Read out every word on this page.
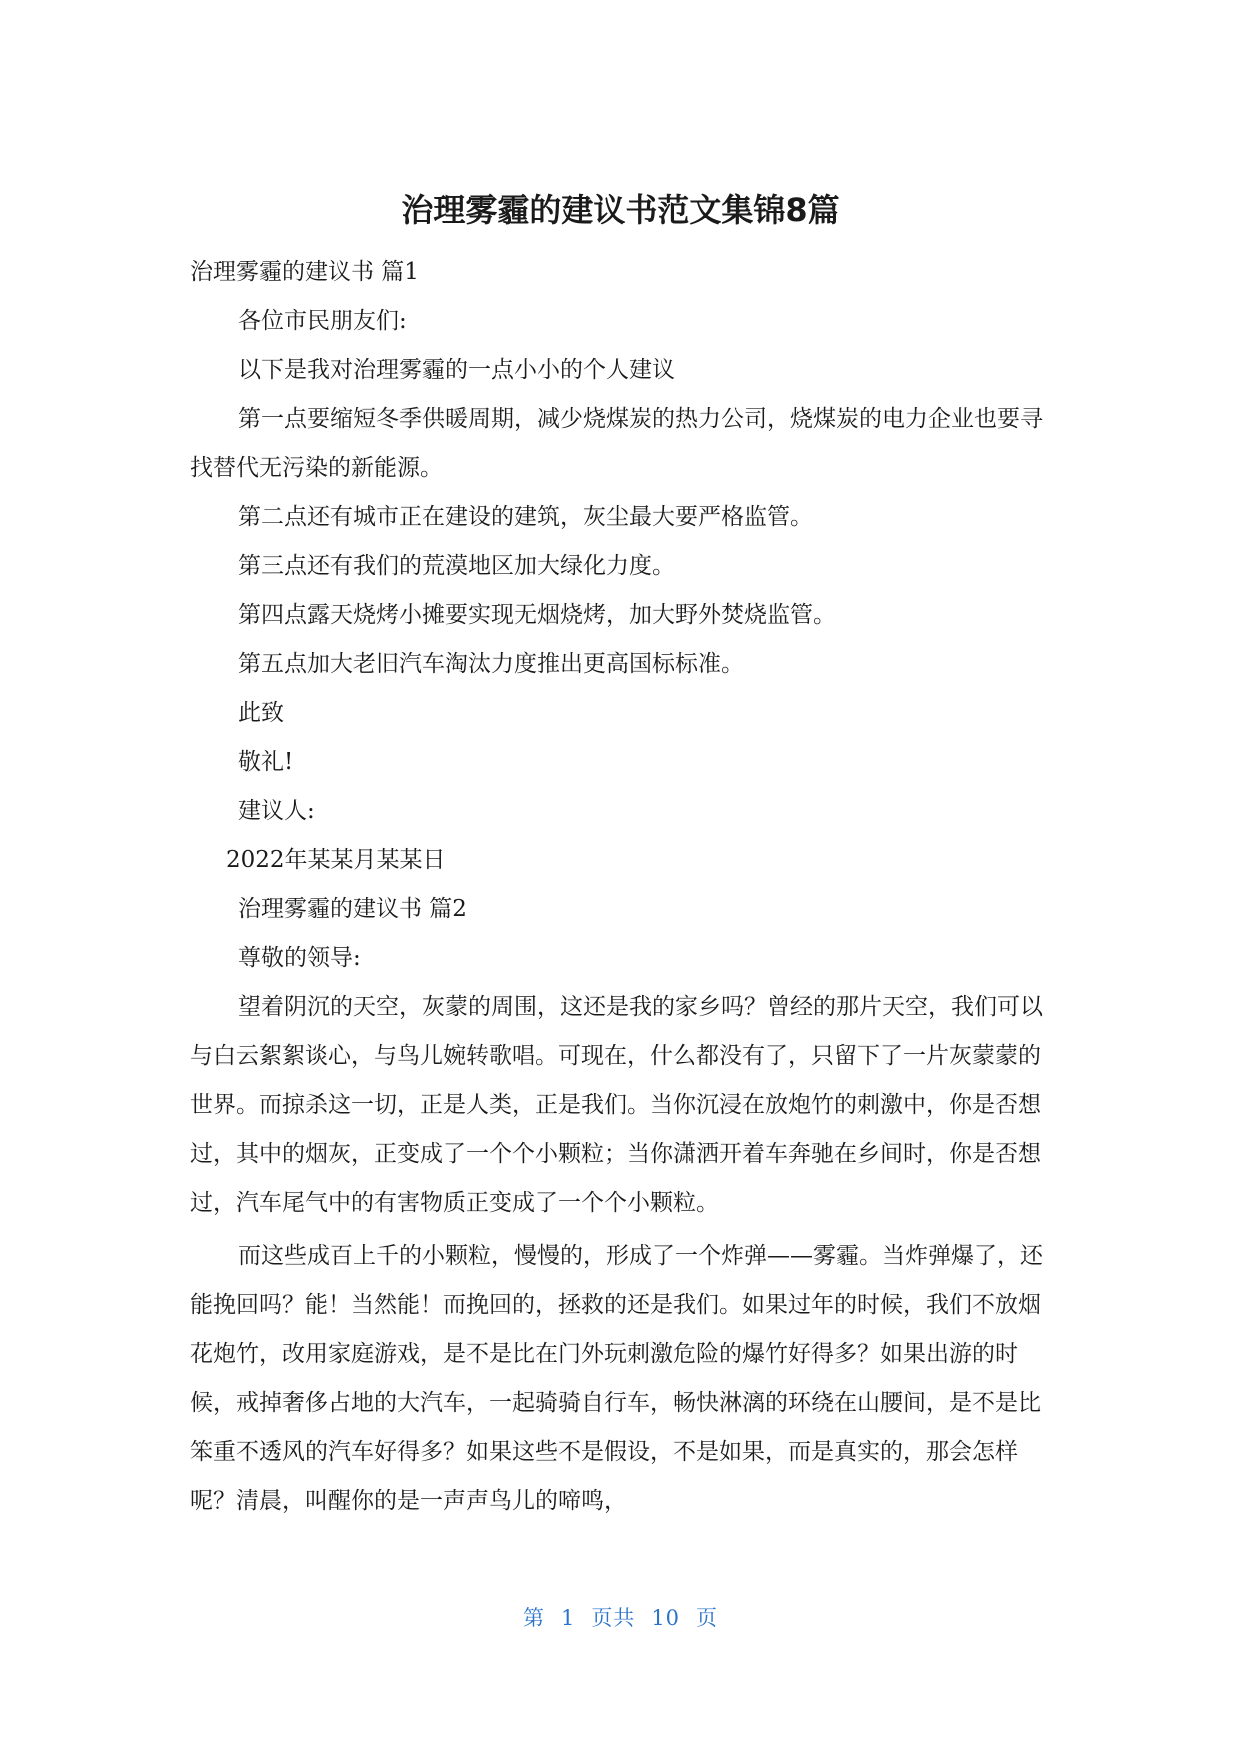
治理雾霾的建议书范文集锦8篇

治理雾霾的建议书 篇1

各位市民朋友们:

以下是我对治理雾霾的一点小小的个人建议

第一点要缩短冬季供暖周期，减少烧煤炭的热力公司，烧煤炭的电力企业也要寻找替代无污染的新能源。

第二点还有城市正在建设的建筑，灰尘最大要严格监管。

第三点还有我们的荒漠地区加大绿化力度。

第四点露天烧烤小摊要实现无烟烧烤，加大野外焚烧监管。

第五点加大老旧汽车淘汰力度推出更高国标标准。

此致

敬礼!

建议人:

2022年某某月某某日

治理雾霾的建议书 篇2

尊敬的领导:

望着阴沉的天空，灰蒙的周围，这还是我的家乡吗？曾经的那片天空，我们可以与白云絮絮谈心，与鸟儿婉转歌唱。可现在，什么都没有了，只留下了一片灰蒙蒙的世界。而掠杀这一切，正是人类，正是我们。当你沉浸在放炮竹的刺激中，你是否想过，其中的烟灰，正变成了一个个小颗粒；当你潇洒开着车奔驰在乡间时，你是否想过，汽车尾气中的有害物质正变成了一个个小颗粒。

而这些成百上千的小颗粒，慢慢的，形成了一个炸弹——雾霾。当炸弹爆了，还能挽回吗？能！当然能！而挽回的，拯救的还是我们。如果过年的时候，我们不放烟花炮竹，改用家庭游戏，是不是比在门外玩刺激危险的爆竹好得多？如果出游的时候，戒掉奢侈占地的大汽车，一起骑骑自行车，畅快淋漓的环绕在山腰间，是不是比笨重不透风的汽车好得多？如果这些不是假设，不是如果，而是真实的，那会怎样呢？清晨，叫醒你的是一声声鸟儿的啼鸣，

第 1 页共 10 页
